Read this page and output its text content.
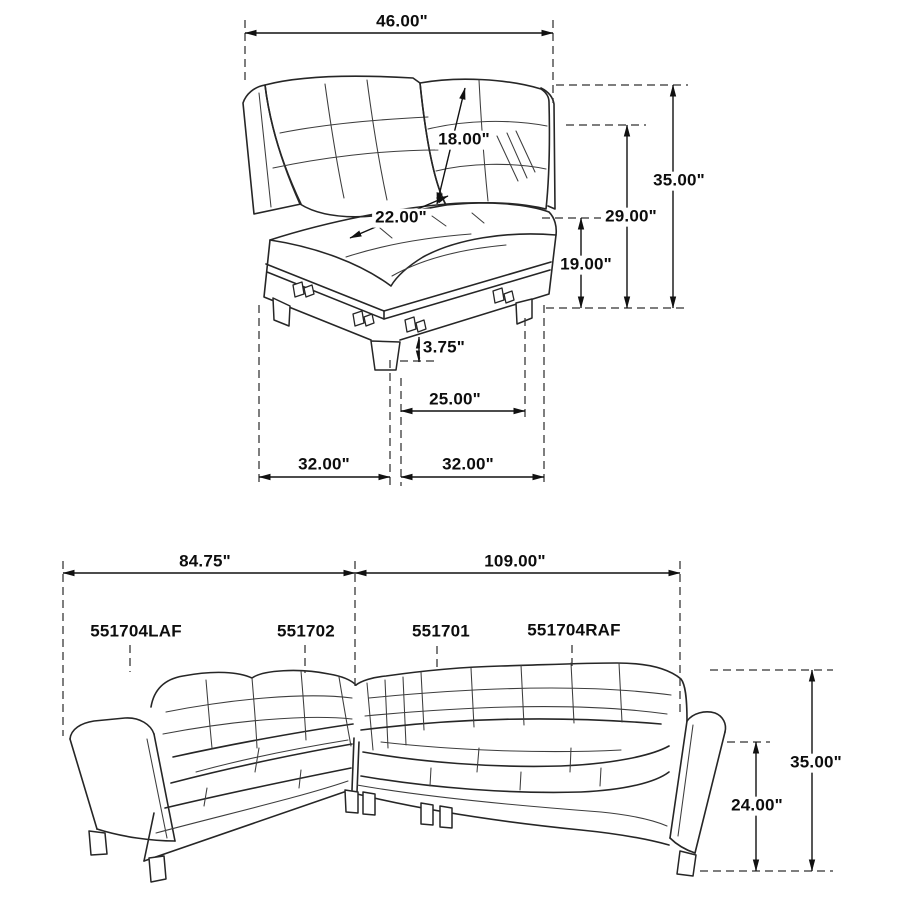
46.00"
18.00"
22.00"
35.00"
29.00"
19.00"
3.75"
25.00"
32.00"	32.00"
84.75"	109.00"
551704LAF	551702	551701	551704RAF
35.00"
24.00"
